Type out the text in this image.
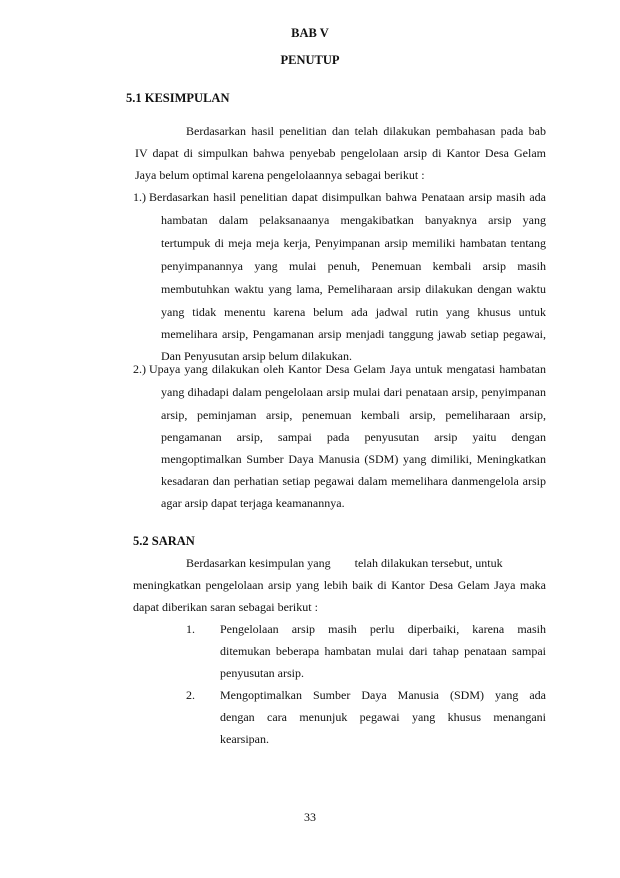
BAB V
PENUTUP
5.1 KESIMPULAN
Berdasarkan hasil penelitian dan telah dilakukan pembahasan pada bab
IV dapat di simpulkan bahwa penyebab pengelolaan arsip di Kantor Desa Gelam
Jaya belum optimal karena pengelolaannya sebagai berikut :
1.) Berdasarkan hasil penelitian dapat disimpulkan bahwa Penataan arsip masih ada
hambatan dalam pelaksanaanya mengakibatkan banyaknya arsip yang
tertumpuk di meja meja kerja, Penyimpanan arsip memiliki hambatan tentang
penyimpanannya yang mulai penuh, Penemuan kembali arsip masih
membutuhkan waktu yang lama, Pemeliharaan arsip dilakukan dengan waktu
yang tidak menentu karena belum ada jadwal rutin yang khusus untuk
memelihara arsip, Pengamanan arsip menjadi tanggung jawab setiap pegawai,
Dan Penyusutan arsip belum dilakukan.
2.) Upaya yang dilakukan oleh Kantor Desa Gelam Jaya untuk mengatasi hambatan
yang dihadapi dalam pengelolaan arsip mulai dari penataan arsip, penyimpanan
arsip, peminjaman arsip, penemuan kembali arsip, pemeliharaan arsip,
pengamanan arsip, sampai pada penyusutan arsip yaitu dengan
mengoptimalkan Sumber Daya Manusia (SDM) yang dimiliki, Meningkatkan
kesadaran dan perhatian setiap pegawai dalam memelihara danmengelola arsip
agar arsip dapat terjaga keamanannya.
5.2 SARAN
Berdasarkan kesimpulan yang        telah dilakukan tersebut, untuk
meningkatkan pengelolaan arsip yang lebih baik di Kantor Desa Gelam Jaya maka
dapat diberikan saran sebagai berikut :
1. Pengelolaan arsip masih perlu diperbaiki, karena masih
ditemukan beberapa hambatan mulai dari tahap penataan sampai
penyusutan arsip.
2. Mengoptimalkan Sumber Daya Manusia (SDM) yang ada
dengan cara menunjuk pegawai yang khusus menangani
kearsipan.
33
